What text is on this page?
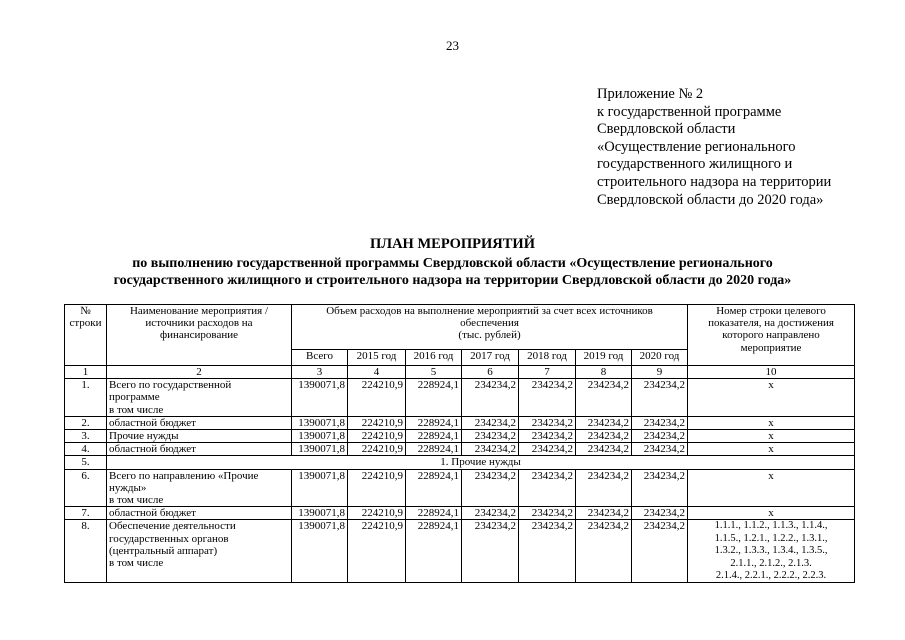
23
Приложение № 2
к государственной программе
Свердловской области
«Осуществление регионального
государственного жилищного и
строительного надзора на территории
Свердловской области до 2020 года»
ПЛАН МЕРОПРИЯТИЙ
по выполнению государственной программы Свердловской области «Осуществление регионального
государственного жилищного и строительного надзора на территории Свердловской области до 2020 года»
№
строки	Наименование мероприятия /
источники расходов на
финансирование	Объем расходов на выполнение мероприятий за счет всех источников
обеспечения
(тыс. рублей)							Номер строки целевого
показателя, на достижения
которого направлено
мероприятие
		Всего	2015 год	2016 год	2017 год	2018 год	2019 год	2020 год	
1	2	3	4	5	6	7	8	9	10
1.	Всего по государственной
программе
в том числе	1390071,8	224210,9	228924,1	234234,2	234234,2	234234,2	234234,2	х
2.	областной бюджет	1390071,8	224210,9	228924,1	234234,2	234234,2	234234,2	234234,2	х
3.	Прочие нужды	1390071,8	224210,9	228924,1	234234,2	234234,2	234234,2	234234,2	х
4.	областной бюджет	1390071,8	224210,9	228924,1	234234,2	234234,2	234234,2	234234,2	х
5.	1. Прочие нужды								
6.	Всего по направлению «Прочие
нужды»
в том числе	1390071,8	224210,9	228924,1	234234,2	234234,2	234234,2	234234,2	х
7.	областной бюджет	1390071,8	224210,9	228924,1	234234,2	234234,2	234234,2	234234,2	х
8.	Обеспечение деятельности
государственных органов
(центральный аппарат)
в том числе	1390071,8	224210,9	228924,1	234234,2	234234,2	234234,2	234234,2	1.1.1., 1.1.2., 1.1.3., 1.1.4.,
1.1.5., 1.2.1., 1.2.2., 1.3.1.,
1.3.2., 1.3.3., 1.3.4., 1.3.5.,
2.1.1., 2.1.2., 2.1.3.
2.1.4., 2.2.1., 2.2.2., 2.2.3.
